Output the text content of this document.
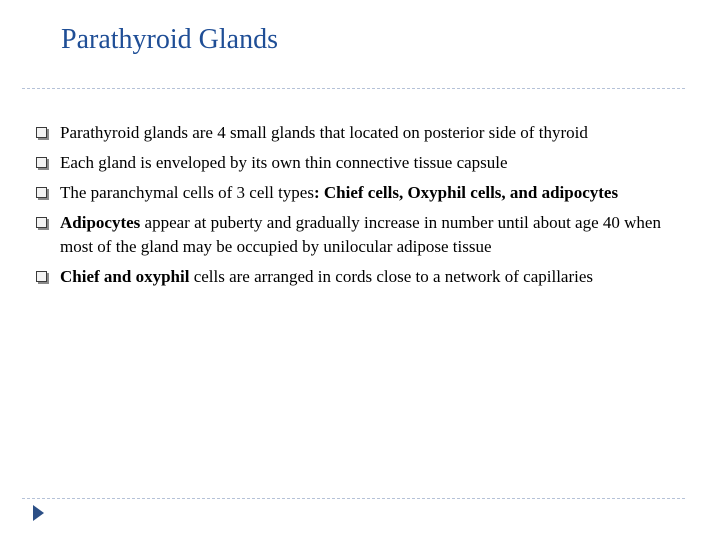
Parathyroid Glands
Parathyroid glands are 4 small glands that located on posterior side of thyroid
Each gland is enveloped by its own thin connective tissue capsule
The paranchymal cells of 3 cell types: Chief cells, Oxyphil cells, and adipocytes
Adipocytes appear at puberty and gradually increase in number until about age 40 when most of the gland may be occupied by unilocular adipose tissue
Chief and oxyphil cells are arranged in cords close to a network of capillaries
